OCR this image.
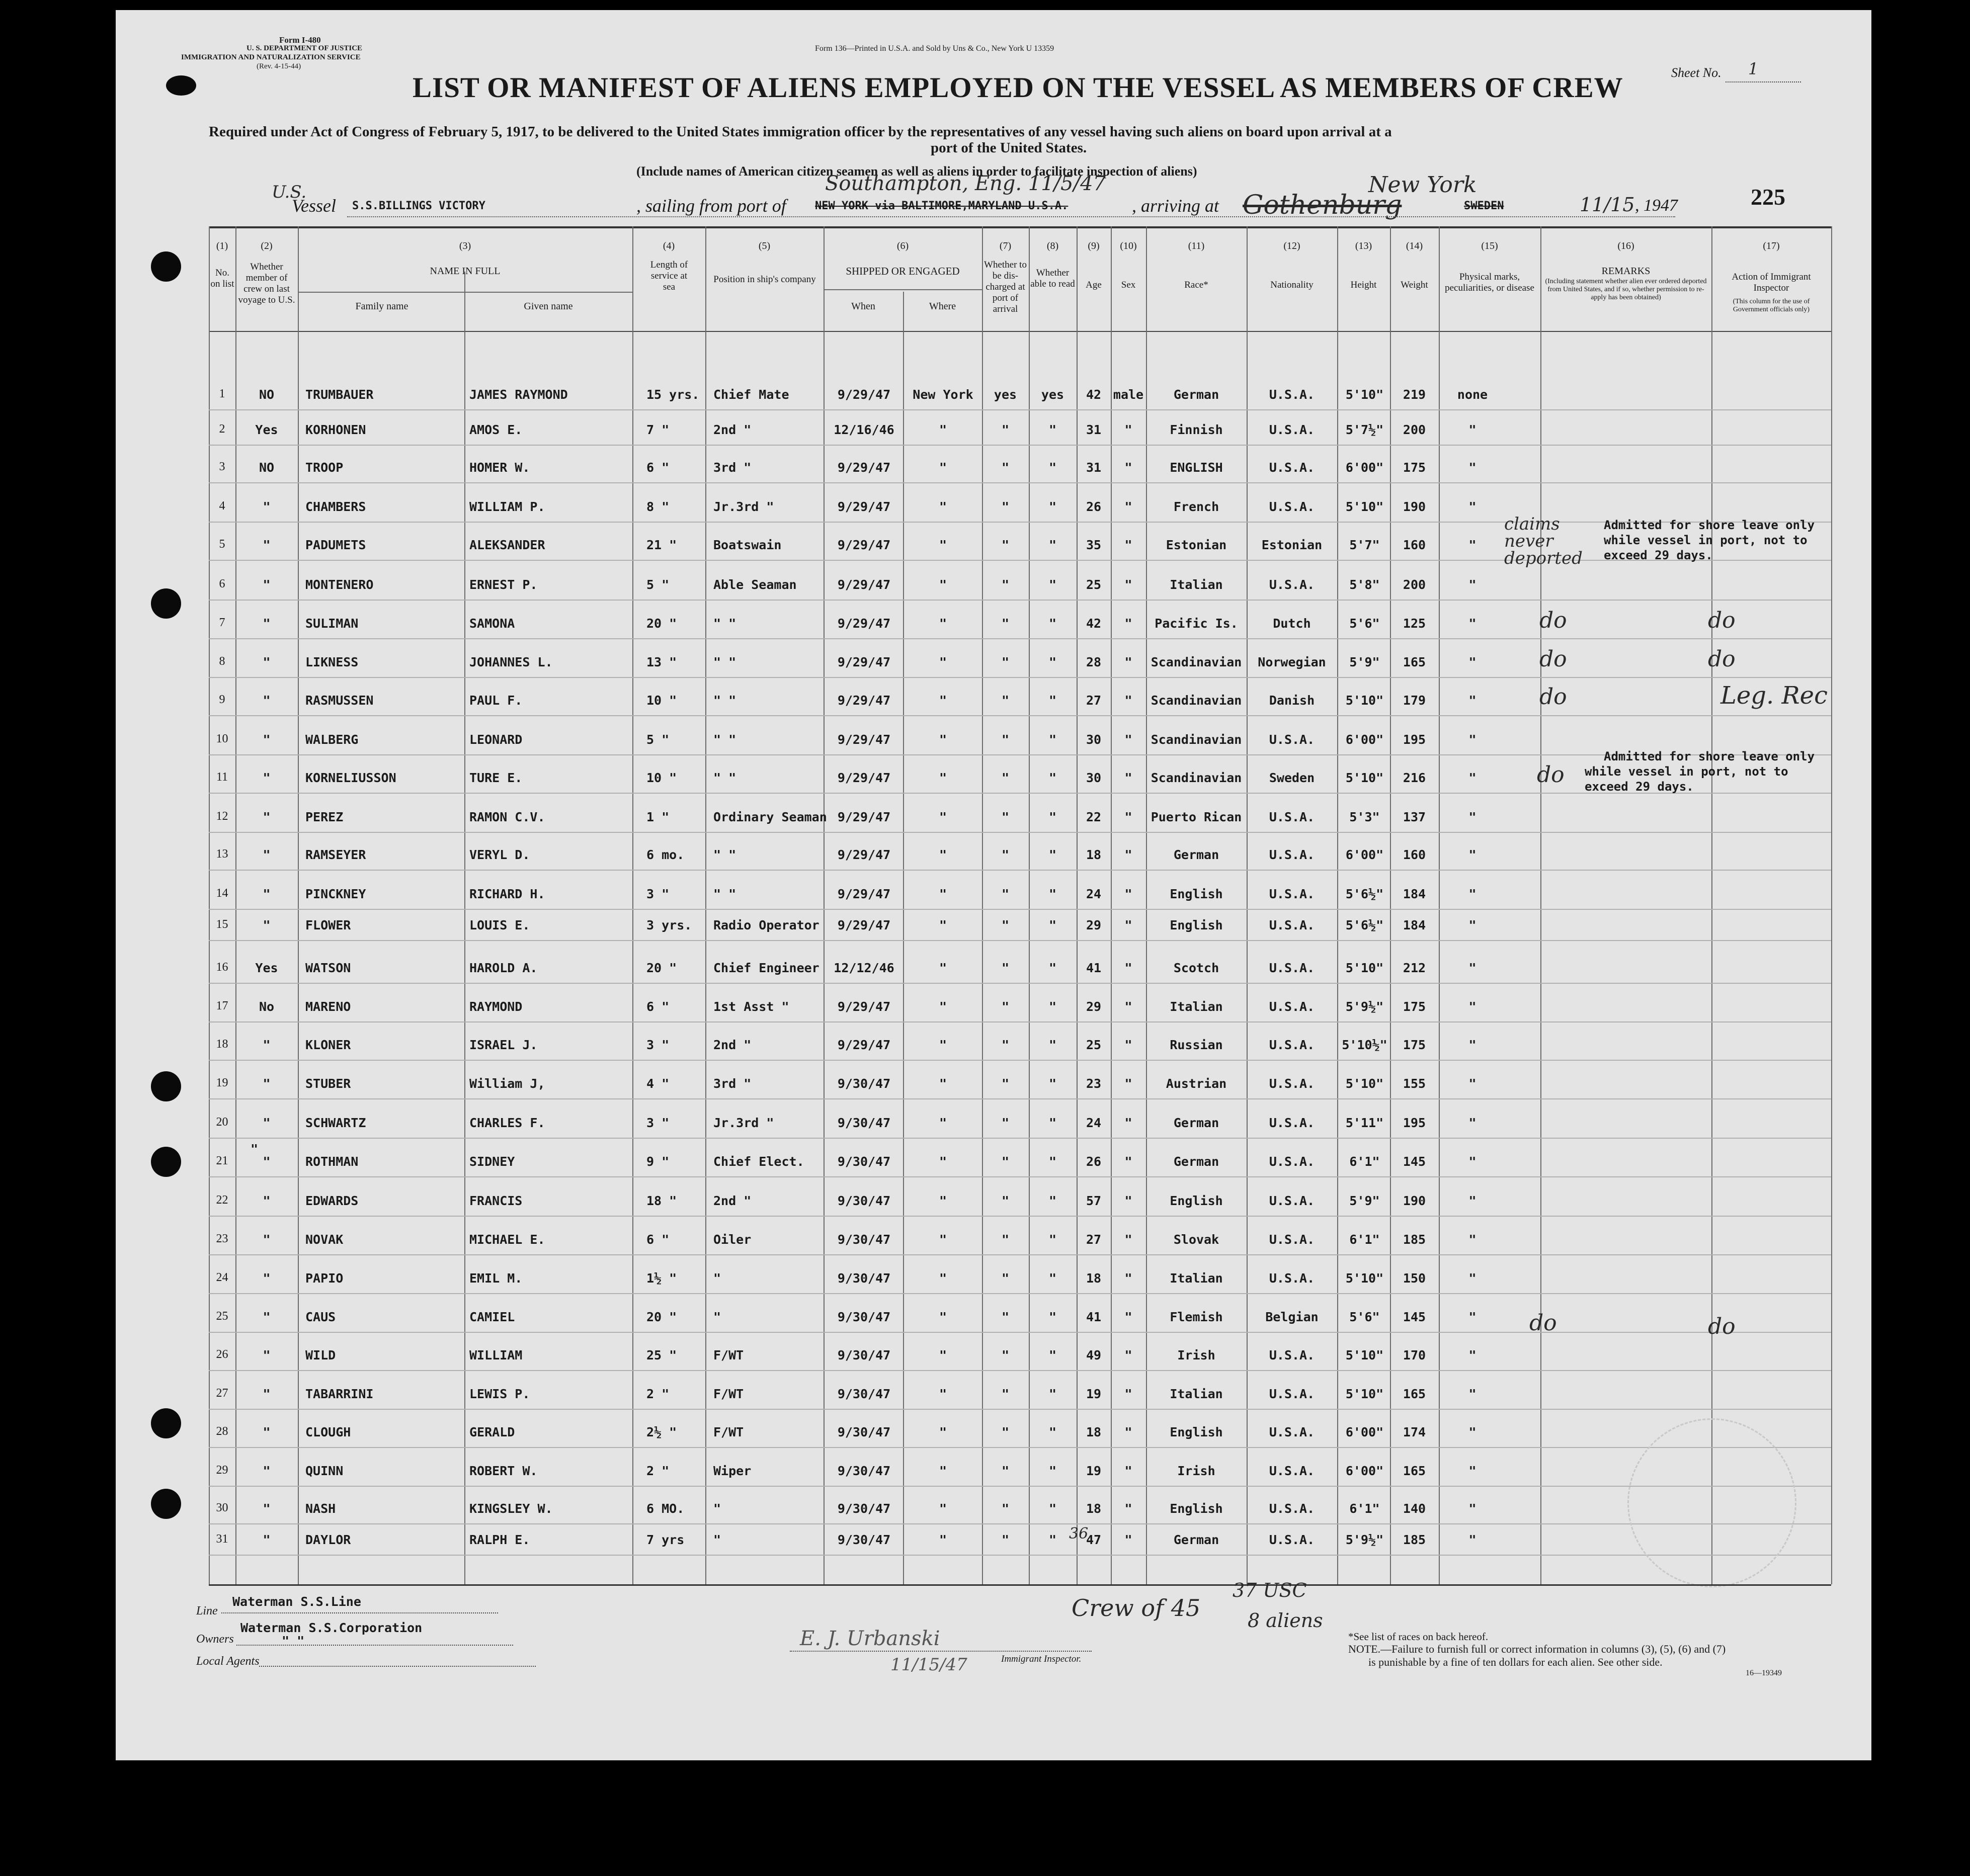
Form I-480
U. S. DEPARTMENT OF JUSTICE
IMMIGRATION AND NATURALIZATION SERVICE
(Rev. 4-15-44)
Form 136—Printed in U.S.A. and Sold by Uns & Co., New York U 13359
Sheet No. 1
LIST OR MANIFEST OF ALIENS EMPLOYED ON THE VESSEL AS MEMBERS OF CREW
Required under Act of Congress of February 5, 1917, to be delivered to the United States immigration officer by the representatives of any vessel having such aliens on board upon arrival at a
port of the United States.
(Include names of American citizen seamen as well as aliens in order to facilitate inspection of aliens)
U.S.
Vessel S.S.BILLINGS VICTORY	, sailing from port of
Southampton, Eng. 11/5/47
NEW YORK via BALTIMORE,MARYLAND U.S.A.	, arriving at Gothenburg
New York
SWEDEN	11/15 , 1947	225
(1)	(2)	(3)	(4)	(5)	(6)	(7)	(8)	(9)	(10)	(11)	(12)	(13)	(14)	(15)	(16)	(17)
No. on list
Whether member of crew on last voyage to U.S.
NAME IN FULL
Family name	Given name
Length of service at sea
Position in ship's company
SHIPPED OR ENGAGED
When	Where
Whether to be dis-charged at port of arrival
Whether able to read	Age	Sex	Race*	Nationality	Height	Weight
Physical marks, peculiarities, or disease
REMARKS
(Including statement whether alien ever ordered deported from United States, and if so, whether permission to re-apply has been obtained)
Action of Immigrant Inspector
(This column for the use of Government officials only)
1	NO	TRUMBAUER	JAMES RAYMOND	15 yrs.	Chief Mate	9/29/47	New York	yes	yes	42 male	German	U.S.A.	5'10"	219	none
2	Yes	KORHONEN	AMOS E.	7 "	2nd "	12/16/46	"	"	"	31	"	Finnish	U.S.A.	5'7½"	200	"
3	NO	TROOP	HOMER W.	6 "	3rd "	9/29/47	"	"	"	31	"	ENGLISH	U.S.A.	6'00"	175	"
4	"	CHAMBERS	WILLIAM P.	8 "	Jr.3rd "	9/29/47	"	"	"	26	"	French	U.S.A.	5'10"	190	"
5	"	PADUMETS	ALEKSANDER	21 "	Boatswain	9/29/47	"	"	"	35	"	Estonian	Estonian	5'7"	160	"
6	"	MONTENERO	ERNEST P.	5 "	Able Seaman	9/29/47	"	"	"	25	"	Italian	U.S.A.	5'8"	200	"
7	"	SULIMAN	SAMONA	20 "	" "	9/29/47	"	"	"	42	"	Pacific Is.	Dutch	5'6"	125	"
8	"	LIKNESS	JOHANNES L.	13 "	" "	9/29/47	"	"	"	28	"	Scandinavian	Norwegian	5'9"	165	"
9	"	RASMUSSEN	PAUL F.	10 "	" "	9/29/47	"	"	"	27	"	Scandinavian	Danish	5'10"	179	"
10	"	WALBERG	LEONARD	5 "	" "	9/29/47	"	"	"	30	"	Scandinavian	U.S.A.	6'00"	195	"
11	"	KORNELIUSSON	TURE E.	10 "	" "	9/29/47	"	"	"	30	"	Scandinavian	Sweden	5'10"	216	"
12	"	PEREZ	RAMON C.V.	1 "	Ordinary Seaman 9/29/47	"	"	"	22	"	Puerto Rican	U.S.A.	5'3"	137	"
13	"	RAMSEYER	VERYL D.	6 mo.	" "	9/29/47	"	"	"	18	"	German	U.S.A.	6'00"	160	"
14	"	PINCKNEY	RICHARD H.	3 "	" "	9/29/47	"	"	"	24	"	English	U.S.A.	5'6½"	184	"
15	"	FLOWER	LOUIS E.	3 yrs.	Radio Operator	9/29/47	"	"	"	29	"	English	U.S.A.	5'6½"	184	"
16	Yes	WATSON	HAROLD A.	20 "	Chief Engineer	12/12/46	"	"	"	41	"	Scotch	U.S.A.	5'10"	212	"
17	No	MARENO	RAYMOND	6 "	1st Asst "	9/29/47	"	"	"	29	"	Italian	U.S.A.	5'9½"	175	"
18	"	KLONER	ISRAEL J.	3 "	2nd "	9/29/47	"	"	"	25	"	Russian	U.S.A.	5'10½"	175	"
19	"	STUBER	William J,	4 "	3rd "	9/30/47	"	"	"	23	"	Austrian	U.S.A.	5'10"	155	"
20	"	SCHWARTZ	CHARLES F.	3 "	Jr.3rd "	9/30/47	"	"	"	24	"	German	U.S.A.	5'11"	195	"
21	"	ROTHMAN	SIDNEY	9 "	Chief Elect.	9/30/47	"	"	"	26	"	German	U.S.A.	6'1"	145	"
22	"	EDWARDS	FRANCIS	18 "	2nd "	9/30/47	"	"	"	57	"	English	U.S.A.	5'9"	190	"
23	"	NOVAK	MICHAEL E.	6 "	Oiler	9/30/47	"	"	"	27	"	Slovak	U.S.A.	6'1"	185	"
24	"	PAPIO	EMIL M.	1½ "	"	9/30/47	"	"	"	18	"	Italian	U.S.A.	5'10"	150	"
25	"	CAUS	CAMIEL	20 "	"	9/30/47	"	"	"	41	"	Flemish	Belgian	5'6"	145	"
26	"	WILD	WILLIAM	25 "	F/WT	9/30/47	"	"	"	49	"	Irish	U.S.A.	5'10"	170	"
27	"	TABARRINI	LEWIS P.	2 "	F/WT	9/30/47	"	"	"	19	"	Italian	U.S.A.	5'10"	165	"
28	"	CLOUGH	GERALD	2½ "	F/WT	9/30/47	"	"	"	18	"	English	U.S.A.	6'00"	174	"
29	"	QUINN	ROBERT W.	2 "	Wiper	9/30/47	"	"	"	19	"	Irish	U.S.A.	6'00"	165	"
30	"	NASH	KINGSLEY W.	6 MO.	"	9/30/47	"	"	"	18	"	English	U.S.A.	6'1"	140	"
31	"	DAYLOR	RALPH E.	7 yrs	"	9/30/47	"	"	"	47	"	German	U.S.A.	5'9½"	185	"
claims never deported
Admitted for shore leave only
while vessel in port, not to
exceed 29 days.
do	do
do	do
do	Leg. Rec
do
Admitted for shore leave only
while vessel in port, not to
exceed 29 days.
do	do
36
"
Line
Waterman S.S.Line
Owners
Waterman S.S.Corporation
" "
Local Agents
Crew of 45
37 USC
8 aliens
E. J. Urbanski
11/15/47	Immigrant Inspector.
*See list of races on back hereof.
NOTE.—Failure to furnish full or correct information in columns (3), (5), (6) and (7)
is punishable by a fine of ten dollars for each alien. See other side.
16—19349
